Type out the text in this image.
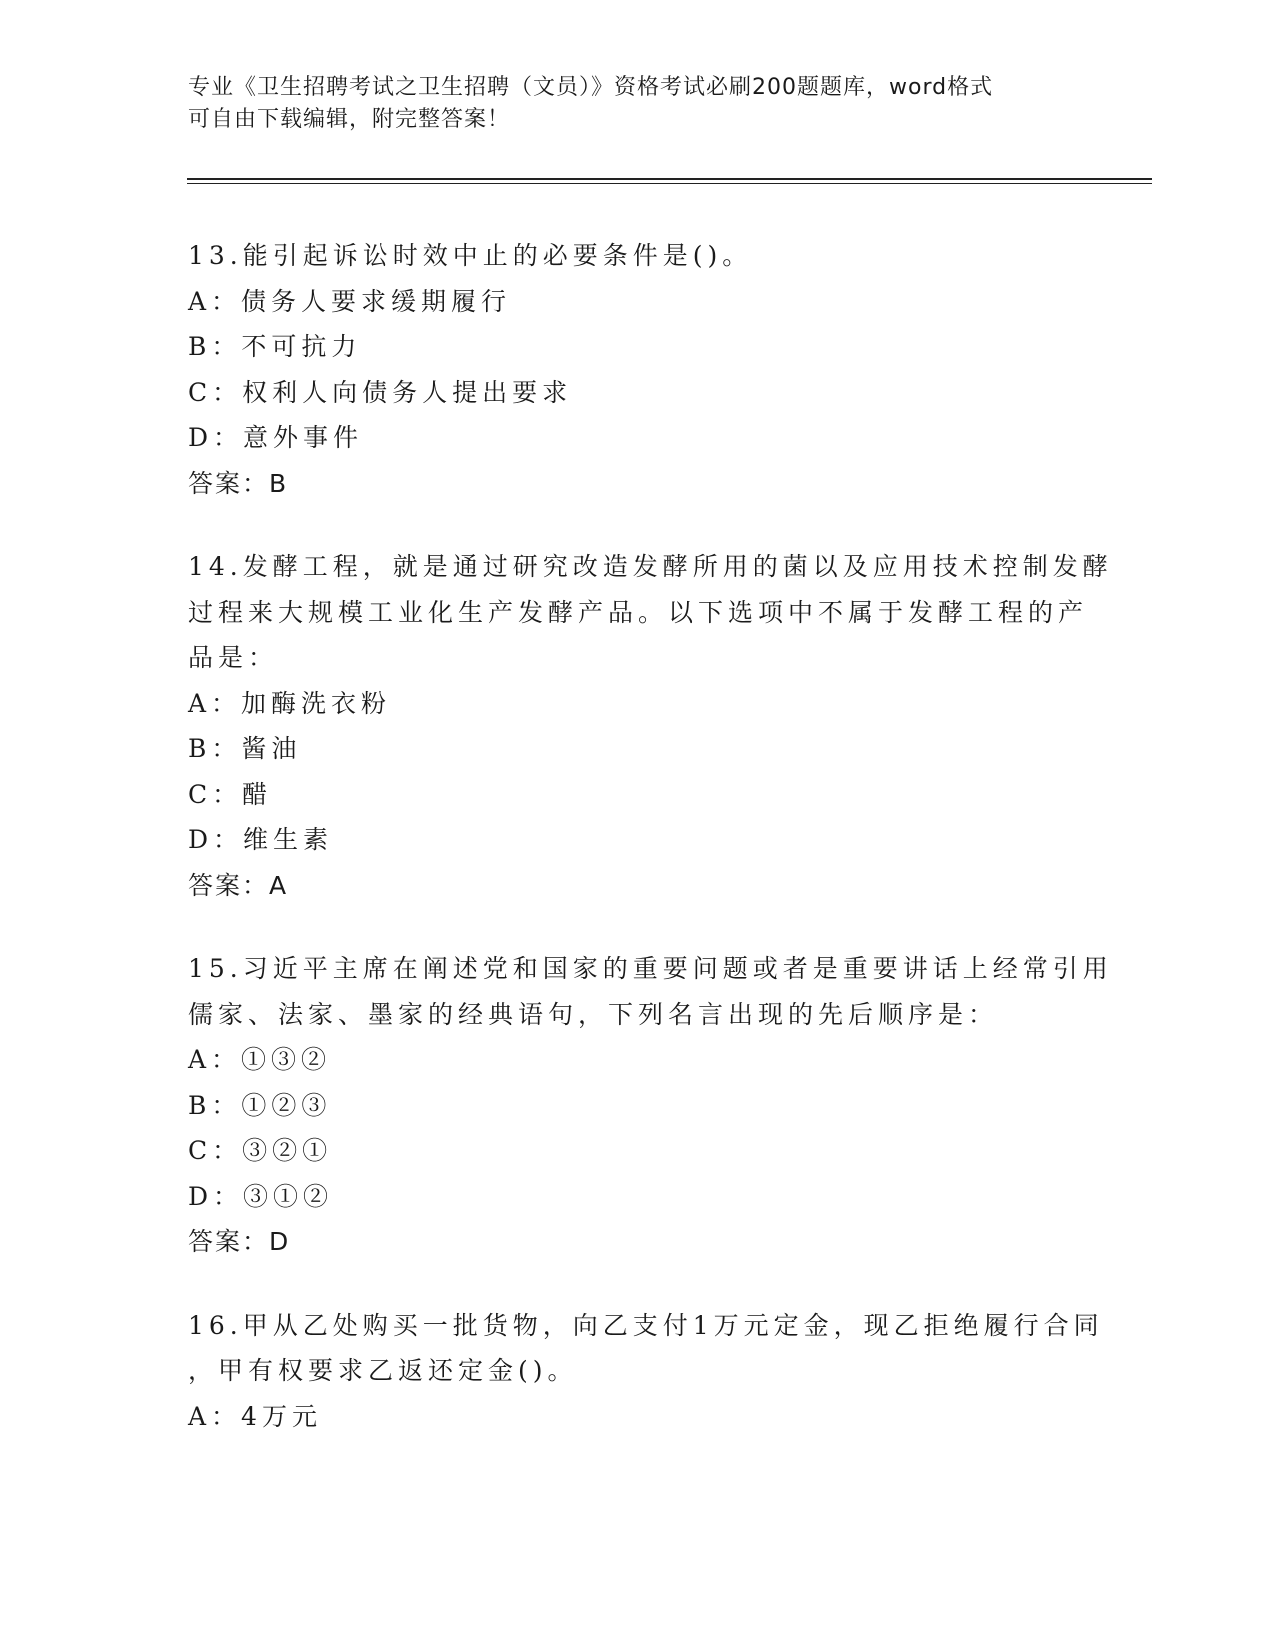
专业《卫生招聘考试之卫生招聘（文员）》资格考试必刷200题题库，word格式
可自由下载编辑，附完整答案！
13.能引起诉讼时效中止的必要条件是()。
A：债务人要求缓期履行
B：不可抗力
C：权利人向债务人提出要求
D：意外事件
答案：B
14.发酵工程，就是通过研究改造发酵所用的菌以及应用技术控制发酵
过程来大规模工业化生产发酵产品。以下选项中不属于发酵工程的产
品是：
A：加酶洗衣粉
B：酱油
C：醋
D：维生素
答案：A
15.习近平主席在阐述党和国家的重要问题或者是重要讲话上经常引用
儒家、法家、墨家的经典语句，下列名言出现的先后顺序是：
A：①③②
B：①②③
C：③②①
D：③①②
答案：D
16.甲从乙处购买一批货物，向乙支付1万元定金，现乙拒绝履行合同
，甲有权要求乙返还定金()。
A：4万元
